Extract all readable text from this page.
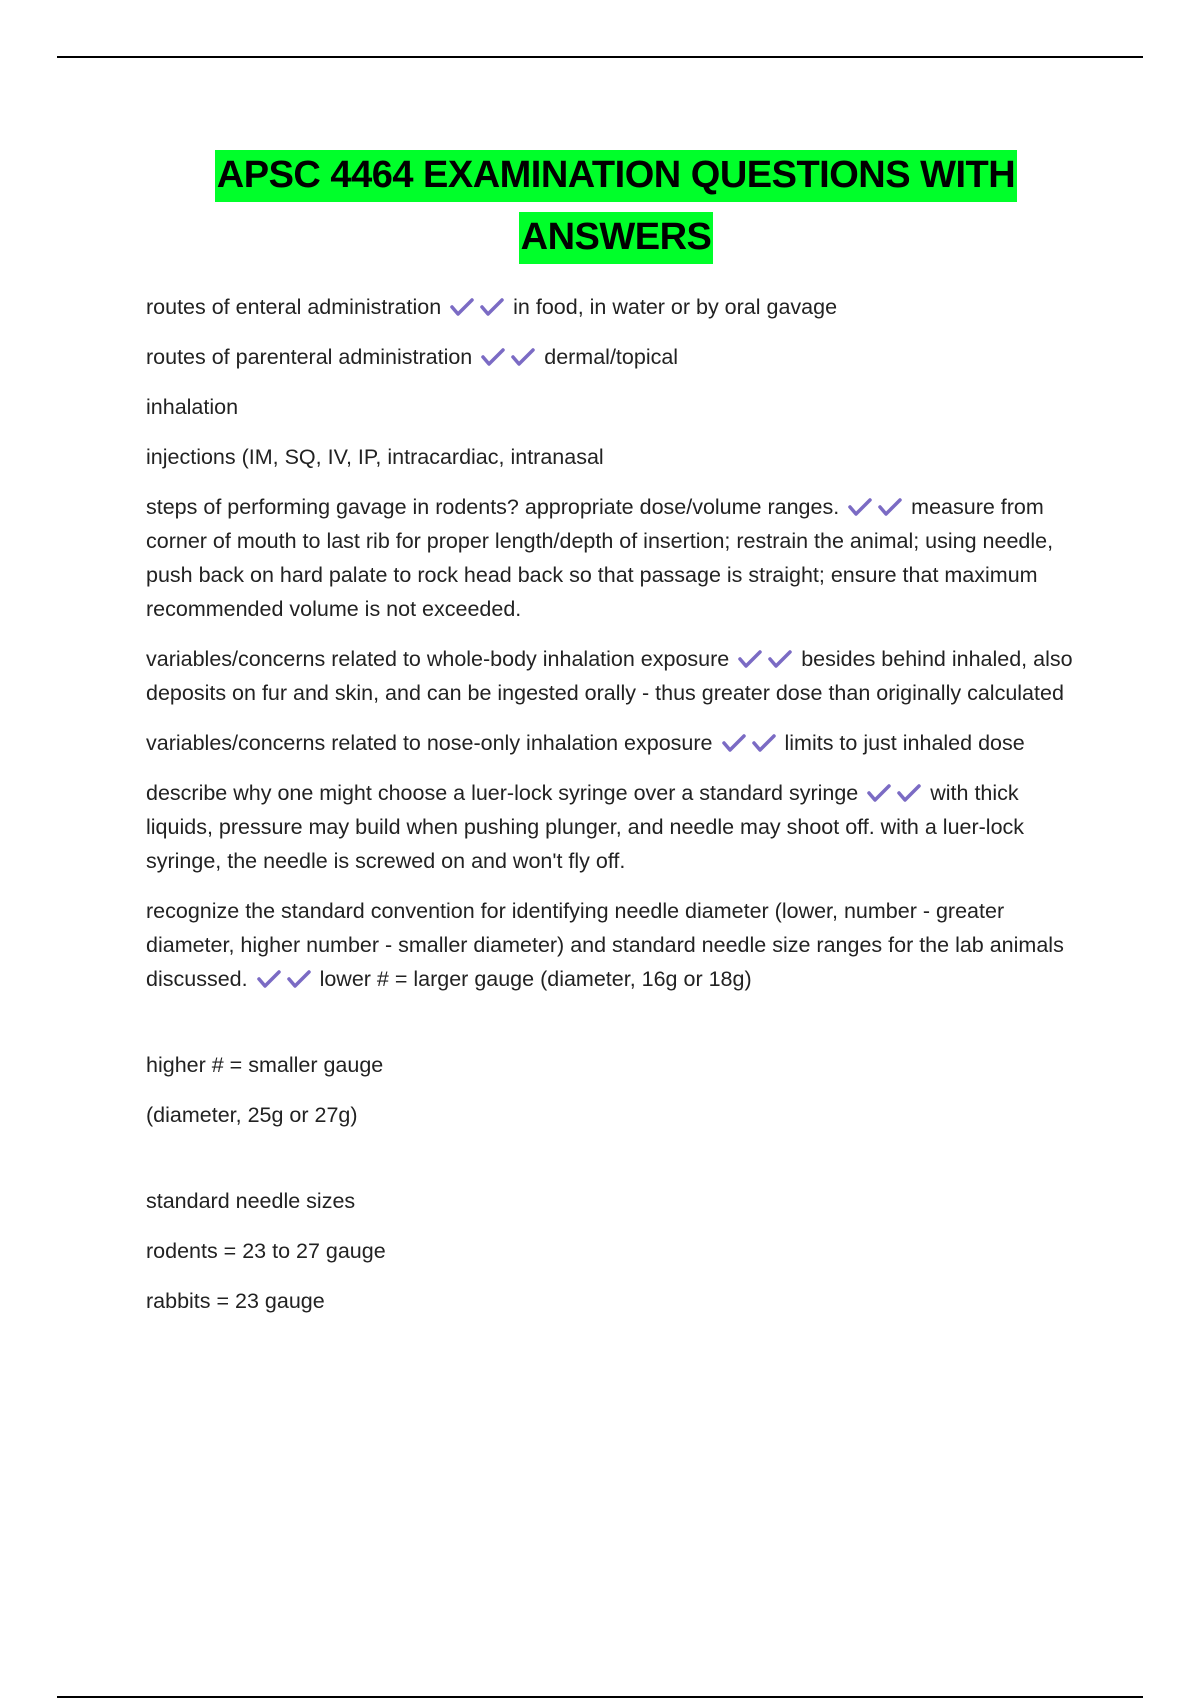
APSC 4464 EXAMINATION QUESTIONS WITH
ANSWERS

routes of enteral administration	in food, in water or by oral gavage

routes of parenteral administration	dermal/topical

inhalation

injections (IM, SQ, IV, IP, intracardiac, intranasal

steps of performing gavage in rodents? appropriate dose/volume ranges.	measure from corner of mouth to last rib for proper length/depth of insertion; restrain the animal; using needle, push back on hard palate to rock head back so that passage is straight; ensure that maximum recommended volume is not exceeded.

variables/concerns related to whole-body inhalation exposure	besides behind inhaled, also deposits on fur and skin, and can be ingested orally - thus greater dose than originally calculated

variables/concerns related to nose-only inhalation exposure	limits to just inhaled dose

describe why one might choose a luer-lock syringe over a standard syringe	with thick liquids, pressure may build when pushing plunger, and needle may shoot off. with a luer-lock syringe, the needle is screwed on and won't fly off.

recognize the standard convention for identifying needle diameter (lower, number - greater diameter, higher number - smaller diameter) and standard needle size ranges for the lab animals discussed.	lower # = larger gauge (diameter, 16g or 18g)

higher # = smaller gauge

(diameter, 25g or 27g)

standard needle sizes

rodents = 23 to 27 gauge

rabbits = 23 gauge
